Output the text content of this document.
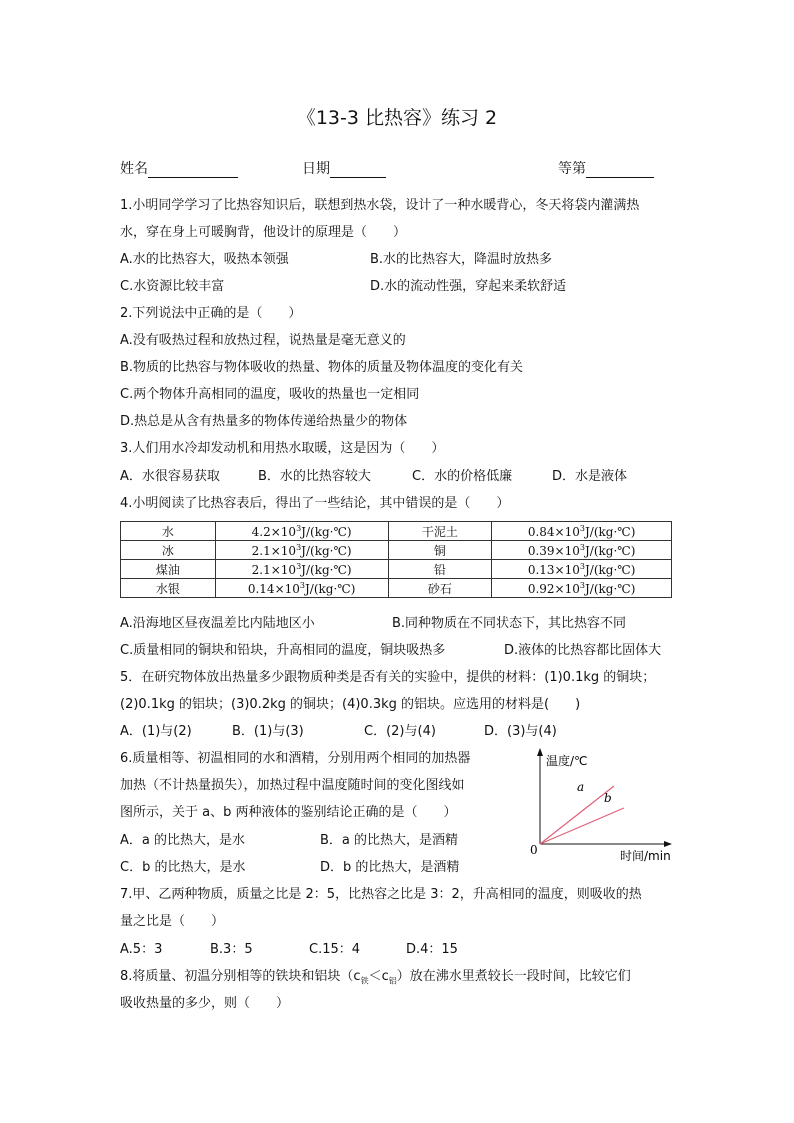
《13-3 比热容》练习 2
姓名	日期	等第
1.小明同学学习了比热容知识后，联想到热水袋，设计了一种水暖背心，冬天将袋内灌满热
水，穿在身上可暖胸背，他设计的原理是（　　）
A.水的比热容大，吸热本领强	B.水的比热容大，降温时放热多
C.水资源比较丰富	D.水的流动性强，穿起来柔软舒适
2.下列说法中正确的是（　　）
A.没有吸热过程和放热过程，说热量是毫无意义的
B.物质的比热容与物体吸收的热量、物体的质量及物体温度的变化有关
C.两个物体升高相同的温度，吸收的热量也一定相同
D.热总是从含有热量多的物体传递给热量少的物体
3.人们用水冷却发动机和用热水取暖，这是因为（　　）
A．水很容易获取	B．水的比热容较大	C．水的价格低廉	D．水是液体
4.小明阅读了比热容表后，得出了一些结论，其中错误的是（　　）
水	$4.2\times 10^3J/(kg\cdot℃)$	干泥土	$0.84\times 10^3J/(kg\cdot℃)$
冰	$2.1\times 10^3J/(kg\cdot℃)$	铜	$0.39\times 10^3J/(kg\cdot℃)$
煤油	$2.1\times 10^3J/(kg\cdot℃)$	铅	$0.13\times 10^3J/(kg\cdot℃)$
水银	$0.14\times 10^3J/(kg\cdot℃)$	砂石	$0.92\times 10^3J/(kg\cdot℃)$
A.沿海地区昼夜温差比内陆地区小	B.同种物质在不同状态下，其比热容不同
C.质量相同的铜块和铅块，升高相同的温度，铜块吸热多	D.液体的比热容都比固体大
5．在研究物体放出热量多少跟物质种类是否有关的实验中，提供的材料：(1)0.1kg 的铜块；
(2)0.1kg 的铝块；(3)0.2kg 的铜块；(4)0.3kg 的铝块。应选用的材料是(　　)
A．(1)与(2)	B．(1)与(3)	C．(2)与(4)	D．(3)与(4)
6.质量相等、初温相同的水和酒精，分别用两个相同的加热器
加热（不计热量损失），加热过程中温度随时间的变化图线如
图所示，关于 a、b 两种液体的鉴别结论正确的是（　　）
A．a 的比热大，是水	B．a 的比热大，是酒精
C．b 的比热大，是水	D．b 的比热大，是酒精
温度/℃
时间/min
0
a
b
7.甲、乙两种物质，质量之比是 2：5，比热容之比是 3：2，升高相同的温度，则吸收的热
量之比是（　　）
A.5：3	B.3：5	C.15：4	D.4：15
8.将质量、初温分别相等的铁块和铝块$(c_铁<c_铝)$放在沸水里煮较长一段时间，比较它们
吸收热量的多少，则（　　）
